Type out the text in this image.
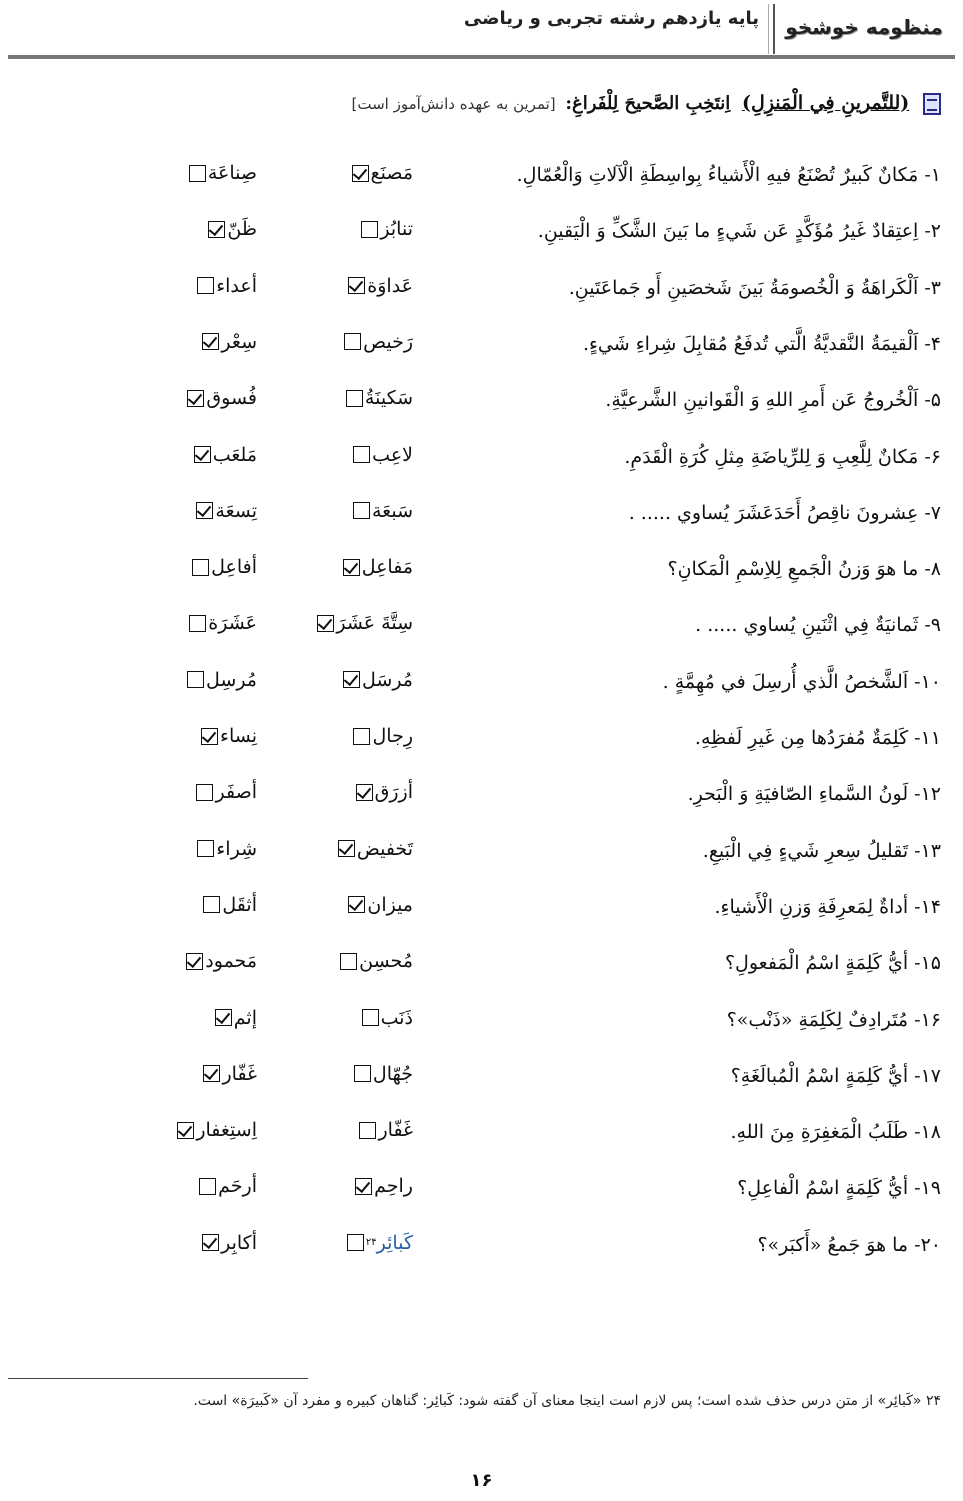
منظومه خوشخو
پایه یازدهم رشته تجربی و ریاضی
(للتَّمرینِ فِي الْمَنزِلِ) اِنتَخِبِ الصَّحیحَ لِلْفَراغِ: [تمرین به عهده دانش‌آموز است]
١- مَکانٌ کَبیرٌ تُصْنَعُ فیهِ الْأَشیاءُ بِواسِطَةِ الْآلاتِ وَالْعُمّالِ.
مَصنَع
صِناعَة
٢- اِعتِقادٌ غَیرُ مُؤَکَّدٍ عَن شَيءٍ ما بَینَ الشَّکِّ وَ الْیَقینِ.
تنابُز
ظَنّ
٣- اَلْکَراهَةُ وَ الْخُصومَةُ بَینَ شَخصَینِ أَو جَماعَتَینِ.
عَداوَة
أعداء
۴- اَلْقیمَةُ النَّقدیَّةُ الَّتي تُدفَعُ مُقابِلَ شِراءِ شَيءٍ.
رَخیص
سِعْر
۵- اَلْخُروجُ عَن أَمرِ اللهِ وَ الْقَوانینِ الشَّرعیَّةِ.
سَکینَةُ
فُسوق
۶- مَکانٌ لِلَّعِبِ وَ لِلرِّیاضَةِ مِثلِ کُرَةِ الْقَدَمِ.
لاعِب
مَلعَب
٧- عِشرونَ ناقِصُ أَحَدَعَشَرَ یُساوي ..... .
سَبعَة
تِسعَة
٨- ما هوَ وَزنُ الْجَمعِ لِلاِسْمِ الْمَکانِ؟
مَفاعِل
أفاعِل
٩- ثَمانیَةٌ فِي اثْنَینِ یُساوي ..... .
سِتَّةَ عَشَرَ
عَشَرَة
١٠- اَلشَّخصُ الَّذي أُرسِلَ في مُهِمَّةٍ .
مُرسَل
مُرسِل
١١- کَلِمَةٌ مُفرَدُها مِن غَیرِ لَفظِهِ.
رِجال
نِساء
١٢- لَونُ السَّماءِ الصّافیَةِ وَ الْبَحرِ.
أزرَق
أصفَر
١٣- تَقلیلُ سِعرِ شَيءٍ فِي الْبَیعِ.
تَخفیض
شِراء
١۴- أداةٌ لِمَعرِفَةِ وَزنِ الْأَشیاءِ.
میزان
أثقَل
١۵- أيُّ کَلِمَةٍ اسْمُ الْمَفعولِ؟
مُحسِن
مَحمود
١۶- مُتَرادِفٌ لِکَلِمَةِ «ذَنْب»؟
ذَنَب
إثم
١٧- أيُّ کَلِمَةٍ اسْمُ الْمُبالَغَةِ؟
جُهّال
غَفّار
١٨- طَلَبُ الْمَغفِرَةِ مِنَ اللهِ.
غَفّار
اِستِغفار
١٩- أيُّ کَلِمَةٍ اسْمُ الْفاعِلِ؟
راحِم
أرحَم
٢٠- ما هوَ جَمعُ «أَکبَر»؟
کَبائِر
٢۴
أکابِر
٢۴ «کَبائِر» از متن درس حذف شده است؛ پس لازم است اینجا معنای آن گفته شود: کَبائِر: گناهان کبیره و مفرد آن «کَبیرَة» است.
١۶
